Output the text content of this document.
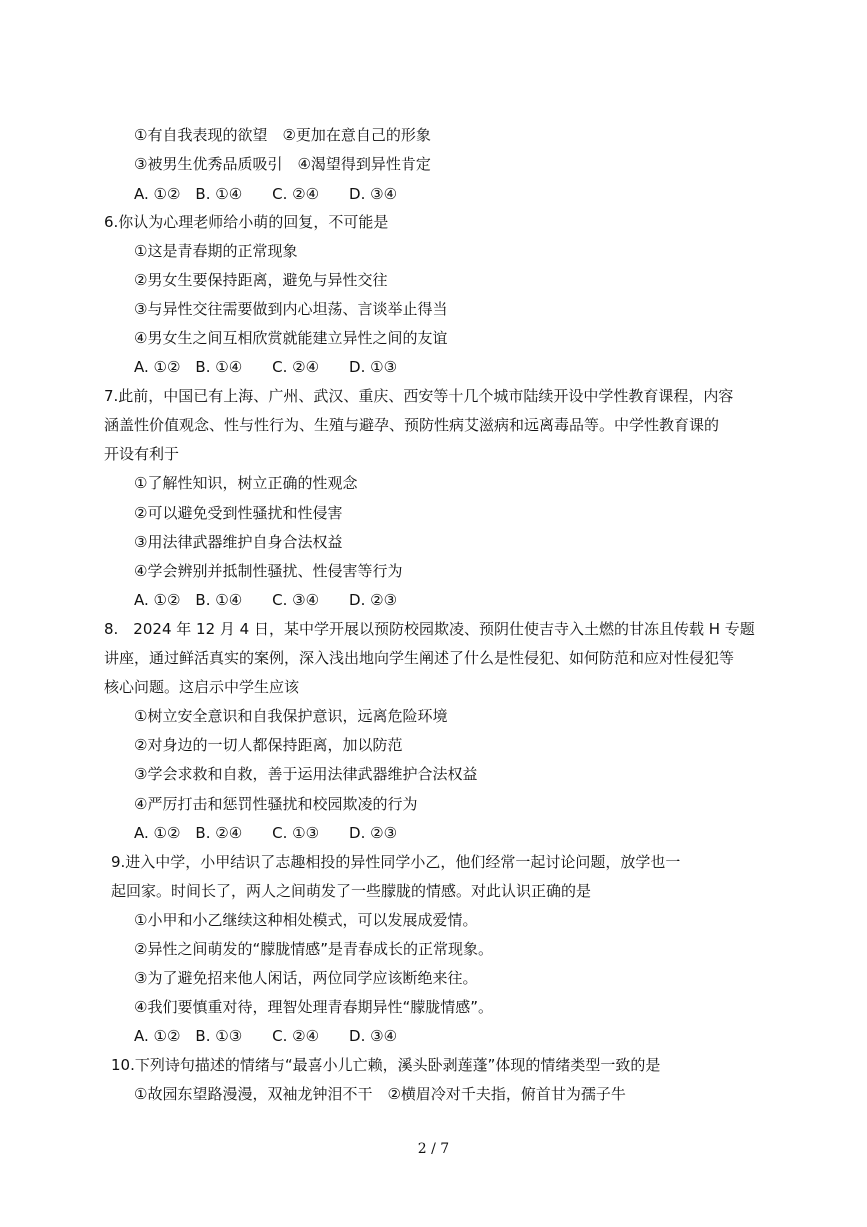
①有自我表现的欲望　②更加在意自己的形象
③被男生优秀品质吸引　④渴望得到异性肯定
A. ①②　B. ①④　　C. ②④　　D. ③④
6.你认为心理老师给小萌的回复，不可能是
①这是青春期的正常现象
②男女生要保持距离，避免与异性交往
③与异性交往需要做到内心坦荡、言谈举止得当
④男女生之间互相欣赏就能建立异性之间的友谊
A. ①②　B. ①④　　C. ②④　　D. ①③
7.此前，中国已有上海、广州、武汉、重庆、西安等十几个城市陆续开设中学性教育课程，内容
涵盖性价值观念、性与性行为、生殖与避孕、预防性病艾滋病和远离毒品等。中学性教育课的
开设有利于
①了解性知识，树立正确的性观念
②可以避免受到性骚扰和性侵害
③用法律武器维护自身合法权益
④学会辨别并抵制性骚扰、性侵害等行为
A. ①②　B. ①④　　C. ③④　　D. ②③
8.　2024 年 12 月 4 日，某中学开展以预防校园欺凌、预阴仕使吉寺入土燃的甘冻且传载 H 专题
讲座，通过鲜活真实的案例，深入浅出地向学生阐述了什么是性侵犯、如何防范和应对性侵犯等
核心问题。这启示中学生应该
①树立安全意识和自我保护意识，远离危险环境
②对身边的一切人都保持距离，加以防范
③学会求救和自救，善于运用法律武器维护合法权益
④严厉打击和惩罚性骚扰和校园欺凌的行为
A. ①②　B. ②④　　C. ①③　　D. ②③
9.进入中学，小甲结识了志趣相投的异性同学小乙，他们经常一起讨论问题，放学也一
起回家。时间长了，两人之间萌发了一些朦胧的情感。对此认识正确的是
①小甲和小乙继续这种相处模式，可以发展成爱情。
②异性之间萌发的“朦胧情感”是青春成长的正常现象。
③为了避免招来他人闲话，两位同学应该断绝来往。
④我们要慎重对待，理智处理青春期异性“朦胧情感”。
A. ①②　B. ①③　　C. ②④　　D. ③④
10.下列诗句描述的情绪与“最喜小儿亡赖，溪头卧剥莲蓬”体现的情绪类型一致的是
①故园东望路漫漫，双袖龙钟泪不干　②横眉冷对千夫指，俯首甘为孺子牛
2 / 7
